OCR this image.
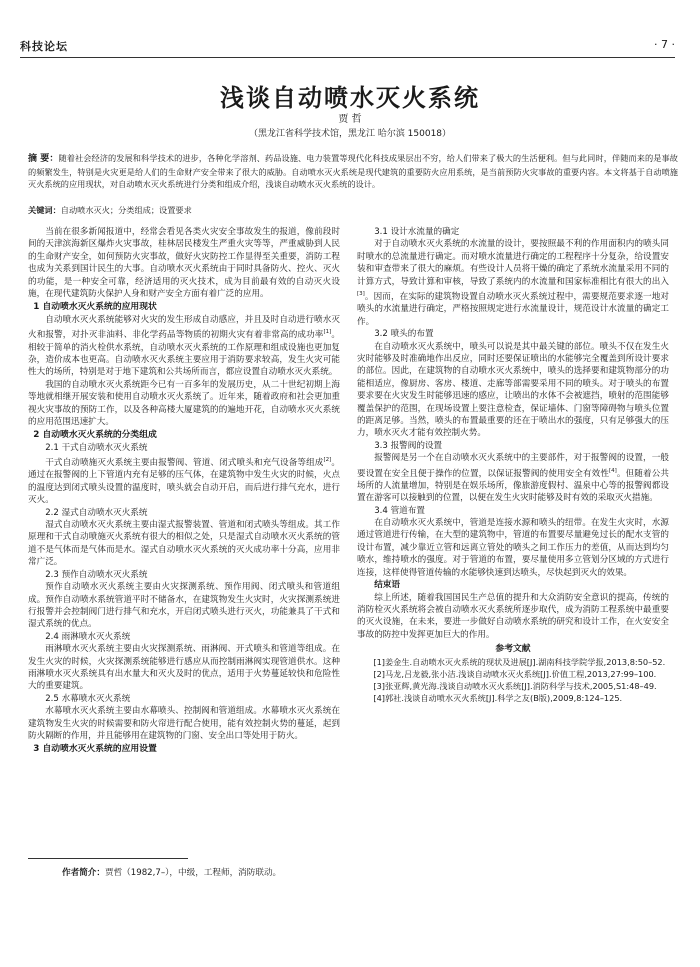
科技论坛	· 7 ·
浅谈自动喷水灭火系统
贾 哲
（黑龙江省科学技术馆，黑龙江 哈尔滨 150018）
摘 要：随着社会经济的发展和科学技术的进步，各种化学溶剂、药品设施、电力装置等现代化科技成果层出不穷，给人们带来了极大的生活便利。但与此同时，伴随而来的是事故的频繁发生，特别是火灾更是给人们的生命财产安全带来了很大的威胁。自动喷水灭火系统是现代建筑的重要防火应用系统，是当前预防火灾事故的重要内容。本文将基于自动喷施灭火系统的应用现状，对自动喷水灭火系统进行分类和组成介绍，浅谈自动喷水灭火系统的设计。
关键词：自动喷水灭火；分类组成；设置要求

当前在很多新闻报道中，经常会看见各类火灾安全事故发生的报道，像前段时间的天津滨海新区爆炸火灾事故，桂林居民楼发生严重火灾等等，严重威胁到人民的生命财产安全，如何预防火灾事故，做好火灾防控工作显得至关重要，消防工程也成为关系到国计民生的大事。自动喷水灭火系统由于同时具备防火、控火、灭火的功能，是一种安全可靠，经济适用的灭火技术，成为目前最有效的自动灭火设施，在现代建筑防火保护人身和财产安全方面有着广泛的应用。

1 自动喷水灭火系统的应用现状

自动喷水灭火系统能够对火灾的发生形成自动感应，并且及时自动进行喷水灭火和报警，对扑灭非油料、非化学药品等物质的初期火灾有着非常高的成功率[1]。相较于简单的消火栓供水系统，自动喷水灭火系统的工作原理和组成设施也更加复杂，造价成本也更高。自动喷水灭火系统主要应用于消防要求较高，发生火灾可能性大的场所，特别是对于地下建筑和公共场所而言，都应设置自动喷水灭火系统。

我国的自动喷水灭火系统距今已有一百多年的发展历史，从二十世纪初期上海等地就相继开展安装和使用自动喷水灭火系统了。近年来，随着政府和社会更加重视火灾事故的预防工作，以及各种高楼大厦建筑的的遍地开花，自动喷水灭火系统的应用范围迅速扩大。

2 自动喷水灭火系统的分类组成
2.1 干式自动喷水灭火系统

干式自动喷施灭火系统主要由报警阀、管道、闭式喷头和充气设备等组成[2]。通过在报警阀的上下管道内充有足够的压气体，在建筑物中发生火灾的时候，火点的温度达到闭式喷头设置的温度时，喷头就会自动开启，而后进行排气充水，进行灭火。

2.2 湿式自动喷水灭火系统

湿式自动喷水灭火系统主要由湿式报警装置、管道和闭式喷头等组成。其工作原理和干式自动喷施灭火系统有很大的相似之处，只是湿式自动喷水灭火系统的管道不是气体而是气体而是水。湿式自动喷水灭火系统的灭火成功率十分高，应用非常广泛。

2.3 预作自动喷水灭火系统

预作自动喷水灭火系统主要由火灾探测系统、预作用阀、闭式喷头和管道组成。预作自动喷水系统管道平时不储备水，在建筑物发生火灾时，火灾探测系统进行报警并会控制阀门进行排气和充水，开启闭式喷头进行灭火，功能兼具了干式和湿式系统的优点。

2.4 雨淋喷水灭火系统

雨淋喷水灭火系统主要由火灾探测系统、雨淋阀、开式喷头和管道等组成。在发生火灾的时候，火灾探测系统能够进行感应从而控制雨淋阀实现管道供水。这种雨淋喷水灭火系统具有出水量大和灭火及时的优点，适用于火势蔓延较快和危险性大的重要建筑。

2.5 水幕喷水灭火系统

水幕喷水灭火系统主要由水幕喷头、控制阀和管道组成。水幕喷水灭火系统在建筑物发生火灾的时候需要和防火帘进行配合使用，能有效控制火势的蔓延，起到防火隔断的作用，并且能够用在建筑物的门窗、安全出口等处用于防火。

3 自动喷水灭火系统的应用设置
3.1 设计水流量的确定

对于自动喷水灭火系统的水流量的设计，要按照最不利的作用面积内的喷头同时喷水的总流量进行确定。而对喷水流量进行确定的工程程序十分复杂，给设置安装和审查带来了很大的麻烦。有些设计人员将干燥的确定了系统水流量采用不同的计算方式，导致计算和审核，导致了系统内的水流量和国家标准相比有很大的出入[3]。因而，在实际的建筑物设置自动喷水灭火系统过程中，需要规范要求逐一地对喷头的水流量进行确定，严格按照规定进行水流量设计，规范设计水流量的确定工作。

3.2 喷头的布置

在自动喷水灭火系统中，喷头可以说是其中最关键的部位。喷头不仅在发生火灾时能够及时准确地作出反应，同时还要保证喷出的水能够完全覆盖到所设计要求的部位。因此，在建筑物的自动喷水灭火系统中，喷头的选择要和建筑物部分的功能相适应，像厨房、客房、楼道、走廊等部需要采用不同的喷头。对于喷头的布置要求要在火灾发生时能够迅速的感应，让喷出的水体不会被遮挡，喷射的范围能够覆盖保护的范围，在现场设置上要注意检查，保证墙体、门窗等障碍物与喷头位置的距离足够。当然，喷头的布置最重要的还在于喷出水的强度，只有足够强大的压力，喷水灭火才能有效控制火势。

3.3 报警阀的设置

报警阀是另一个在自动喷水灭火系统中的主要部件，对于报警阀的设置，一般要设置在安全且便于操作的位置，以保证报警阀的使用安全有效性[4]。但随着公共场所的人流量增加，特别是在娱乐场所，像旅游度假村、温泉中心等的报警阀都设置在游客可以接触到的位置，以便在发生火灾时能够及时有效的采取灭火措施。

3.4 管道布置

在自动喷水灭火系统中，管道是连接水源和喷头的纽带。在发生火灾时，水源通过管道进行传输，在大型的建筑物中，管道的布置要尽量避免过长的配水支管的设计布置，减少靠近立管和远离立管处的喷头之间工作压力的差值，从而达到均匀喷水，维持喷水的强度。对于管道的布置，要尽量使用多立管划分区域的方式进行连接，这样使得管道传输的水能够快速到达喷头，尽快起到灭火的效果。

结束语

综上所述，随着我国国民生产总值的提升和大众消防安全意识的提高，传统的消防栓灭火系统将会被自动喷水灭火系统所逐步取代，成为消防工程系统中最重要的灭火设施，在未来，要进一步做好自动喷水系统的研究和设计工作，在火安安全事故的防控中发挥更加巨大的作用。

参考文献

[1]姜金生.自动喷水灭火系统的现状及进展[J].湖南科技学院学报,2013,8:50–52.

[2]马龙,吕龙毅,张小洁.浅谈自动喷水灭火系统[J].价值工程,2013,27:99–100.

[3]张亚辉,黄光海.浅谈自动喷水灭火系统[J].消防科学与技术,2005,S1:48–49.

[4]郭社.浅谈自动喷水灭火系统[J].科学之友(B版),2009,8:124–125.

作者简介：贾哲（1982,7–），中级，工程师，消防联动。
